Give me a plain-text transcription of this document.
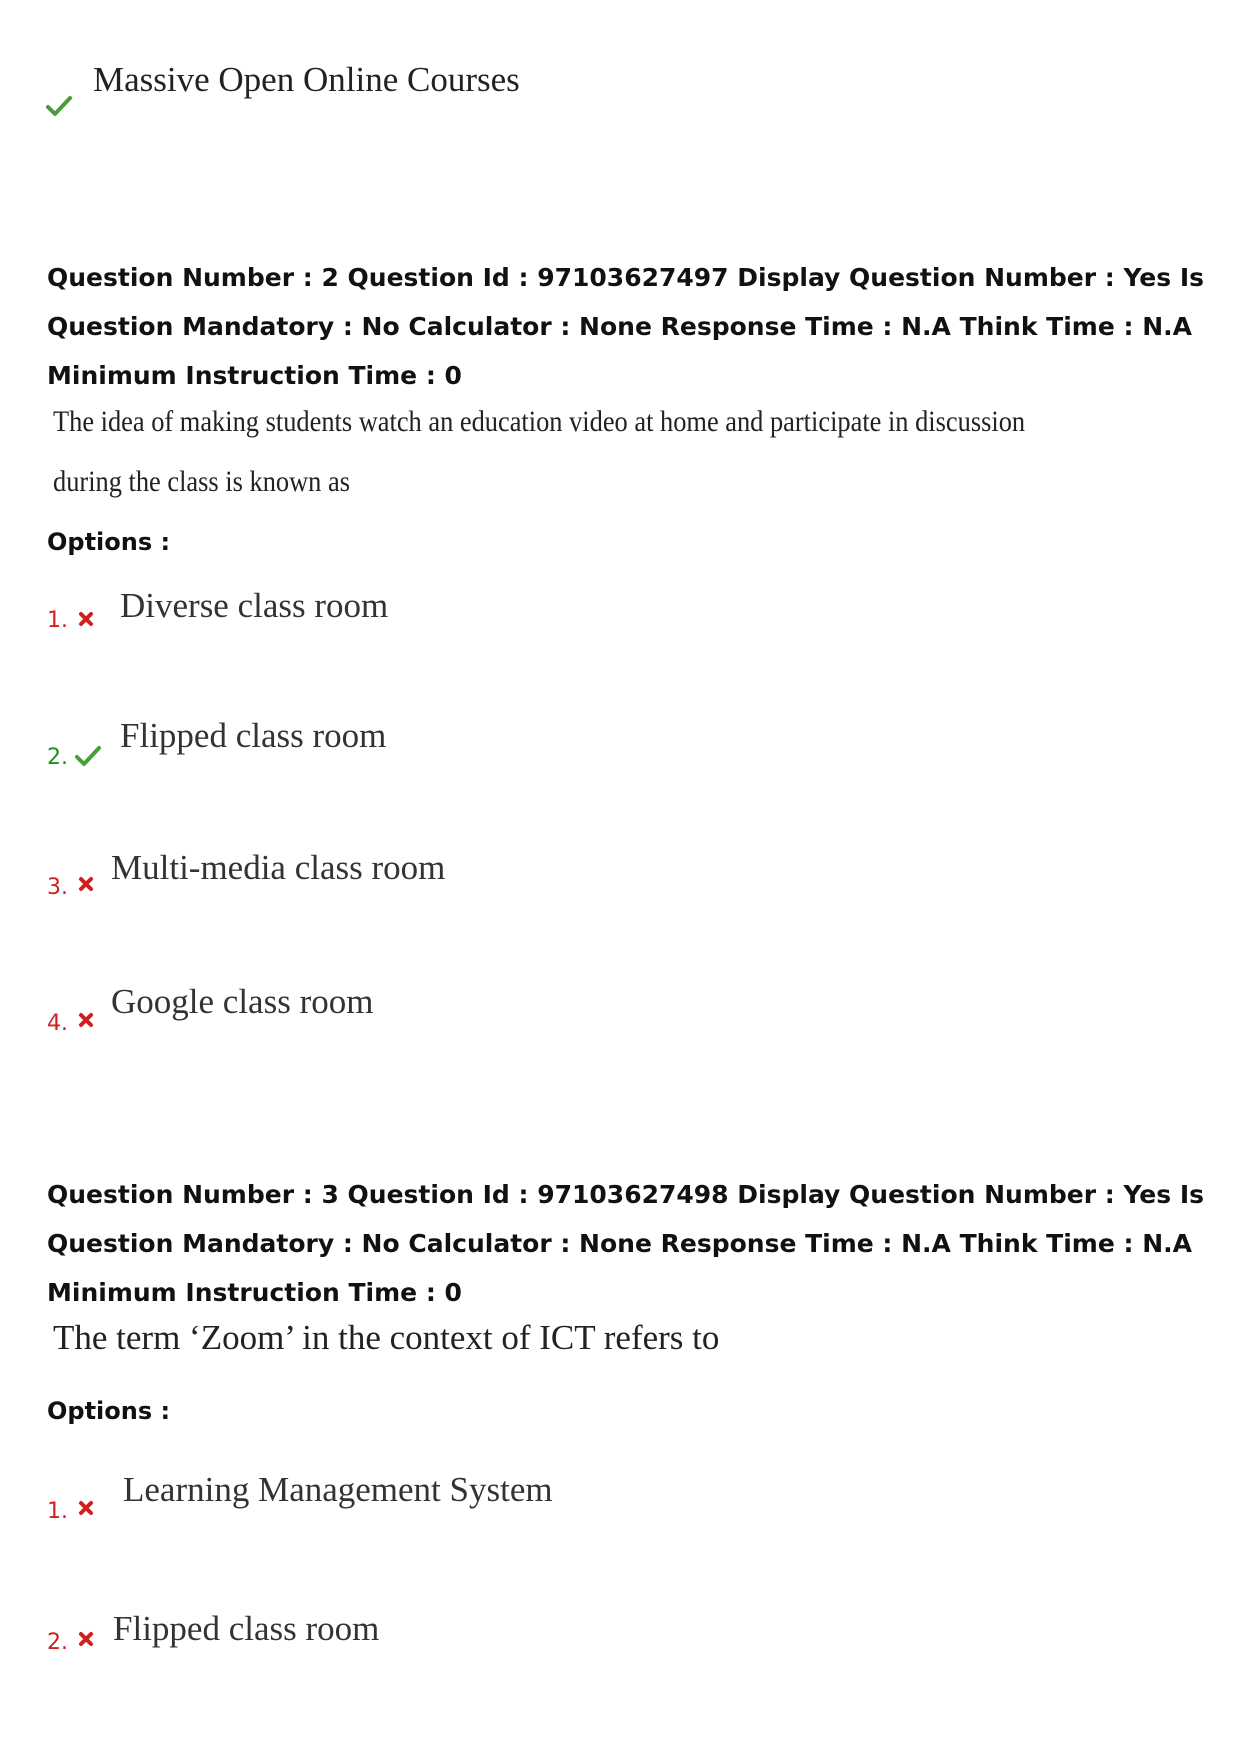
Massive Open Online Courses
Question Number : 2 Question Id : 97103627497 Display Question Number : Yes Is Question Mandatory : No Calculator : None Response Time : N.A Think Time : N.A Minimum Instruction Time : 0
The idea of making students watch an education video at home and participate in discussion
during the class is known as
Options :
1. Diverse class room
2.
Flipped class room
3.
Multi-media class room
4.
Google class room
Question Number : 3 Question Id : 97103627498 Display Question Number : Yes Is Question Mandatory : No Calculator : None Response Time : N.A Think Time : N.A Minimum Instruction Time : 0
The term ‘Zoom’ in the context of ICT refers to
Options :
1.
Learning Management System
2. Flipped class room
